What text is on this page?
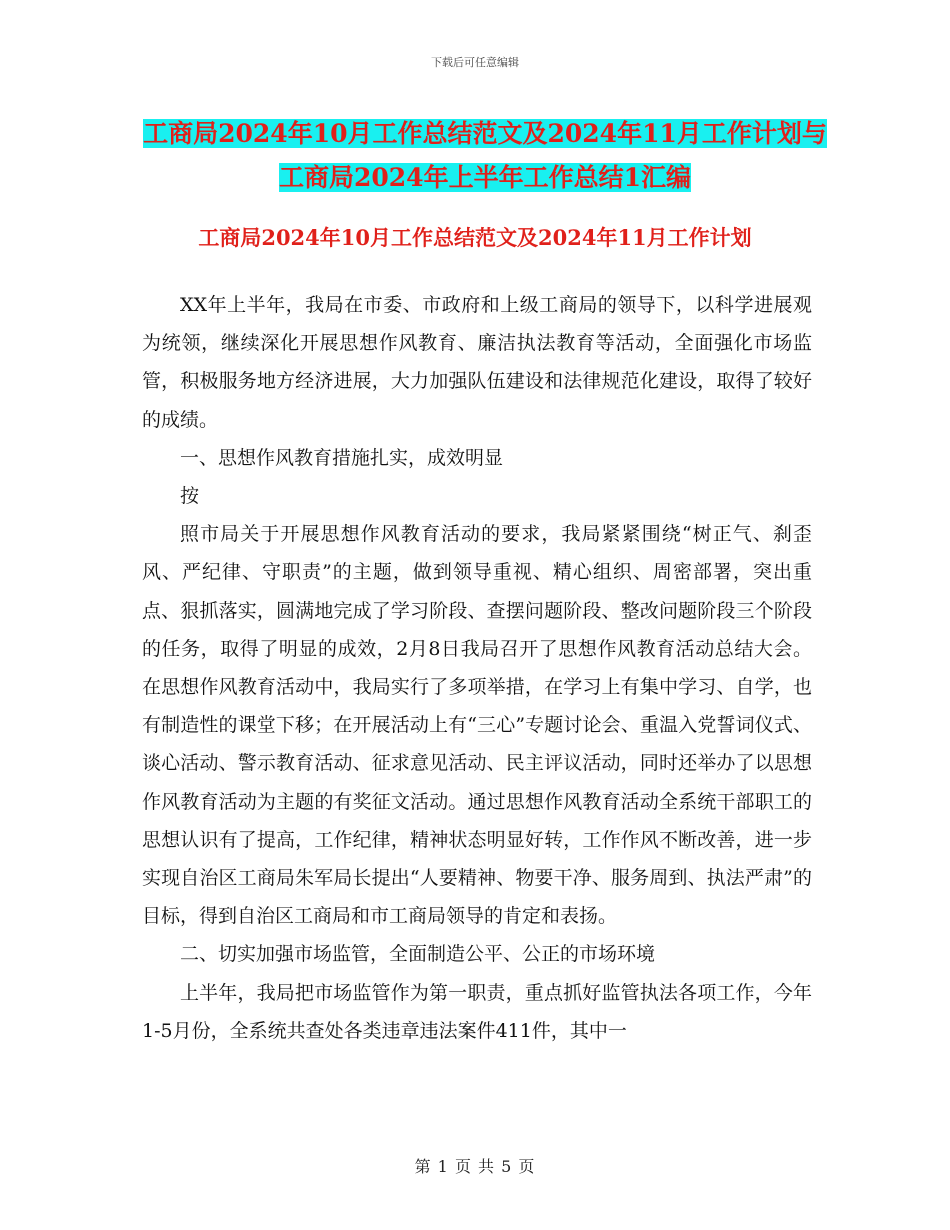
下载后可任意编辑
工商局2024年10月工作总结范文及2024年11月工作计划与工商局2024年上半年工作总结1汇编
工商局2024年10月工作总结范文及2024年11月工作计划

XX年上半年，我局在市委、市政府和上级工商局的领导下，以科学进展观为统领，继续深化开展思想作风教育、廉洁执法教育等活动，全面强化市场监管，积极服务地方经济进展，大力加强队伍建设和法律规范化建设，取得了较好的成绩。

一、思想作风教育措施扎实，成效明显

按

照市局关于开展思想作风教育活动的要求，我局紧紧围绕“树正气、刹歪风、严纪律、守职责”的主题，做到领导重视、精心组织、周密部署，突出重点、狠抓落实，圆满地完成了学习阶段、查摆问题阶段、整改问题阶段三个阶段的任务，取得了明显的成效，2月8日我局召开了思想作风教育活动总结大会。在思想作风教育活动中，我局实行了多项举措，在学习上有集中学习、自学，也有制造性的课堂下移；在开展活动上有“三心”专题讨论会、重温入党誓词仪式、谈心活动、警示教育活动、征求意见活动、民主评议活动，同时还举办了以思想作风教育活动为主题的有奖征文活动。通过思想作风教育活动全系统干部职工的思想认识有了提高，工作纪律，精神状态明显好转，工作作风不断改善，进一步实现自治区工商局朱军局长提出“人要精神、物要干净、服务周到、执法严肃”的目标，得到自治区工商局和市工商局领导的肯定和表扬。

二、切实加强市场监管，全面制造公平、公正的市场环境

上半年，我局把市场监管作为第一职责，重点抓好监管执法各项工作，今年1-5月份，全系统共查处各类违章违法案件411件，其中一

第 1 页 共 5 页
